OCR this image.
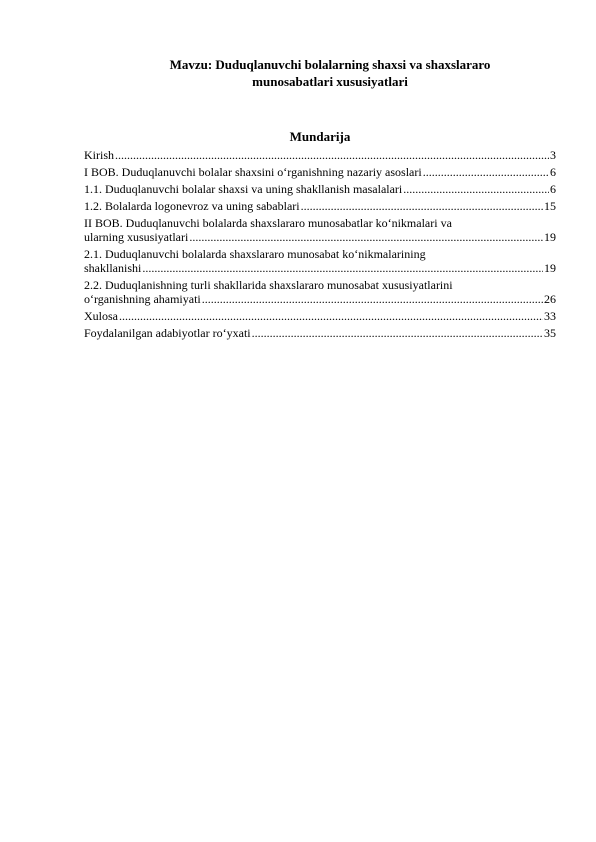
Mavzu: Duduqlanuvchi bolalarning shaxsi va shaxslararo
munosabatlari xususiyatlari
Mundarija
Kirish .....	3
I BOB. Duduqlanuvchi bolalar shaxsini o‘rganishning nazariy asoslari .....	6
1.1. Duduqlanuvchi bolalar shaxsi va uning shakllanish masalalari .....	6
1.2. Bolalarda logonevroz va uning sabablari .....	15
II BOB. Duduqlanuvchi bolalarda shaxslararo munosabatlar ko‘nikmalari va
ularning xususiyatlari .....	19
2.1. Duduqlanuvchi bolalarda shaxslararo munosabat ko‘nikmalarining
shakllanishi .....	19
2.2. Duduqlanishning turli shakllarida shaxslararo munosabat xususiyatlarini
o‘rganishning ahamiyati .....	26
Xulosa .....	33
Foydalanilgan adabiyotlar ro‘yxati .....	35
